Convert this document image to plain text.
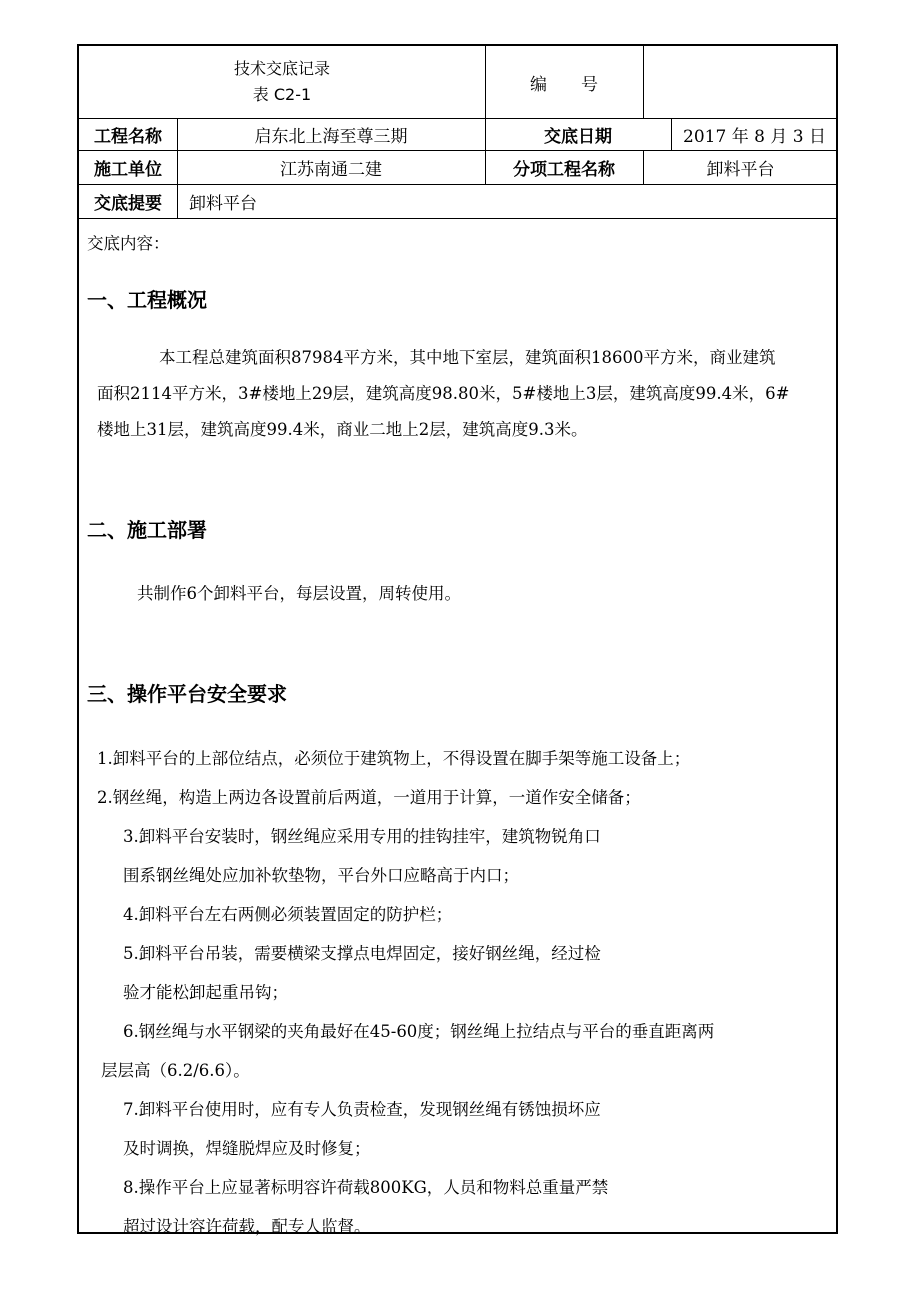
技术交底记录
表 C2-1	编　　号
工程名称	启东北上海至尊三期	交底日期	2017 年 8 月 3 日
施工单位	江苏南通二建	分项工程名称	卸料平台
交底提要	卸料平台
交底内容：
一、工程概况
本工程总建筑面积87984平方米，其中地下室层，建筑面积18600平方米，商业建筑
面积2114平方米，3#楼地上29层，建筑高度98.80米，5#楼地上3层，建筑高度99.4米，6#
楼地上31层，建筑高度99.4米，商业二地上2层，建筑高度9.3米。
二、施工部署
共制作6个卸料平台，每层设置，周转使用。
三、操作平台安全要求
1.卸料平台的上部位结点，必须位于建筑物上，不得设置在脚手架等施工设备上；
2.钢丝绳，构造上两边各设置前后两道，一道用于计算，一道作安全储备；
3.卸料平台安装时，钢丝绳应采用专用的挂钩挂牢，建筑物锐角口
围系钢丝绳处应加补软垫物，平台外口应略高于内口；
4.卸料平台左右两侧必须装置固定的防护栏；
5.卸料平台吊装，需要横梁支撑点电焊固定，接好钢丝绳，经过检
验才能松卸起重吊钩；
6.钢丝绳与水平钢梁的夹角最好在45-60度；钢丝绳上拉结点与平台的垂直距离两
层层高（6.2/6.6）。
7.卸料平台使用时，应有专人负责检查，发现钢丝绳有锈蚀损坏应
及时调换，焊缝脱焊应及时修复；
8.操作平台上应显著标明容许荷载800KG，人员和物料总重量严禁
超过设计容许荷载，配专人监督。
